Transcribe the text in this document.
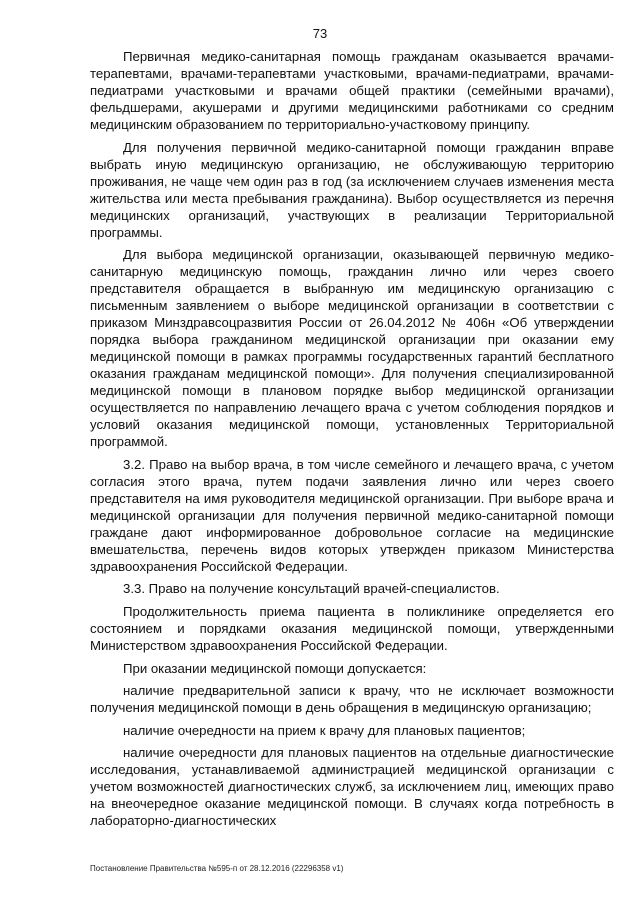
73

Первичная медико-санитарная помощь гражданам оказывается врачами-терапевтами, врачами-терапевтами участковыми, врачами-педиатрами, врачами-педиатрами участковыми и врачами общей практики (семейными врачами), фельдшерами, акушерами и другими медицинскими работниками со средним медицинским образованием по территориально-участковому принципу.

Для получения первичной медико-санитарной помощи гражданин вправе выбрать иную медицинскую организацию, не обслуживающую территорию проживания, не чаще чем один раз в год (за исключением случаев изменения места жительства или места пребывания гражданина). Выбор осуществляется из перечня медицинских организаций, участвующих в реализации Территориальной программы.

Для выбора медицинской организации, оказывающей первичную медико-санитарную медицинскую помощь, гражданин лично или через своего представителя обращается в выбранную им медицинскую организацию с письменным заявлением о выборе медицинской организации в соответствии с приказом Минздравсоцразвития России от 26.04.2012 № 406н «Об утверждении порядка выбора гражданином медицинской организации при оказании ему медицинской помощи в рамках программы государственных гарантий бесплатного оказания гражданам медицинской помощи». Для получения специализированной медицинской помощи в плановом порядке выбор медицинской организации осуществляется по направлению лечащего врача с учетом соблюдения порядков и условий оказания медицинской помощи, установленных Территориальной программой.

3.2. Право на выбор врача, в том числе семейного и лечащего врача, с учетом согласия этого врача, путем подачи заявления лично или через своего представителя на имя руководителя медицинской организации. При выборе врача и медицинской организации для получения первичной медико-санитарной помощи граждане дают информированное добровольное согласие на медицинские вмешательства, перечень видов которых утвержден приказом Министерства здравоохранения Российской Федерации.

3.3. Право на получение консультаций врачей-специалистов.

Продолжительность приема пациента в поликлинике определяется его состоянием и порядками оказания медицинской помощи, утвержденными Министерством здравоохранения Российской Федерации.

При оказании медицинской помощи допускается:

наличие предварительной записи к врачу, что не исключает возможности получения медицинской помощи в день обращения в медицинскую организацию;

наличие очередности на прием к врачу для плановых пациентов;

наличие очередности для плановых пациентов на отдельные диагностические исследования, устанавливаемой администрацией медицинской организации с учетом возможностей диагностических служб, за исключением лиц, имеющих право на внеочередное оказание медицинской помощи. В случаях когда потребность в лабораторно-диагностических

Постановление Правительства №595-п от 28.12.2016 (22296358 v1)
